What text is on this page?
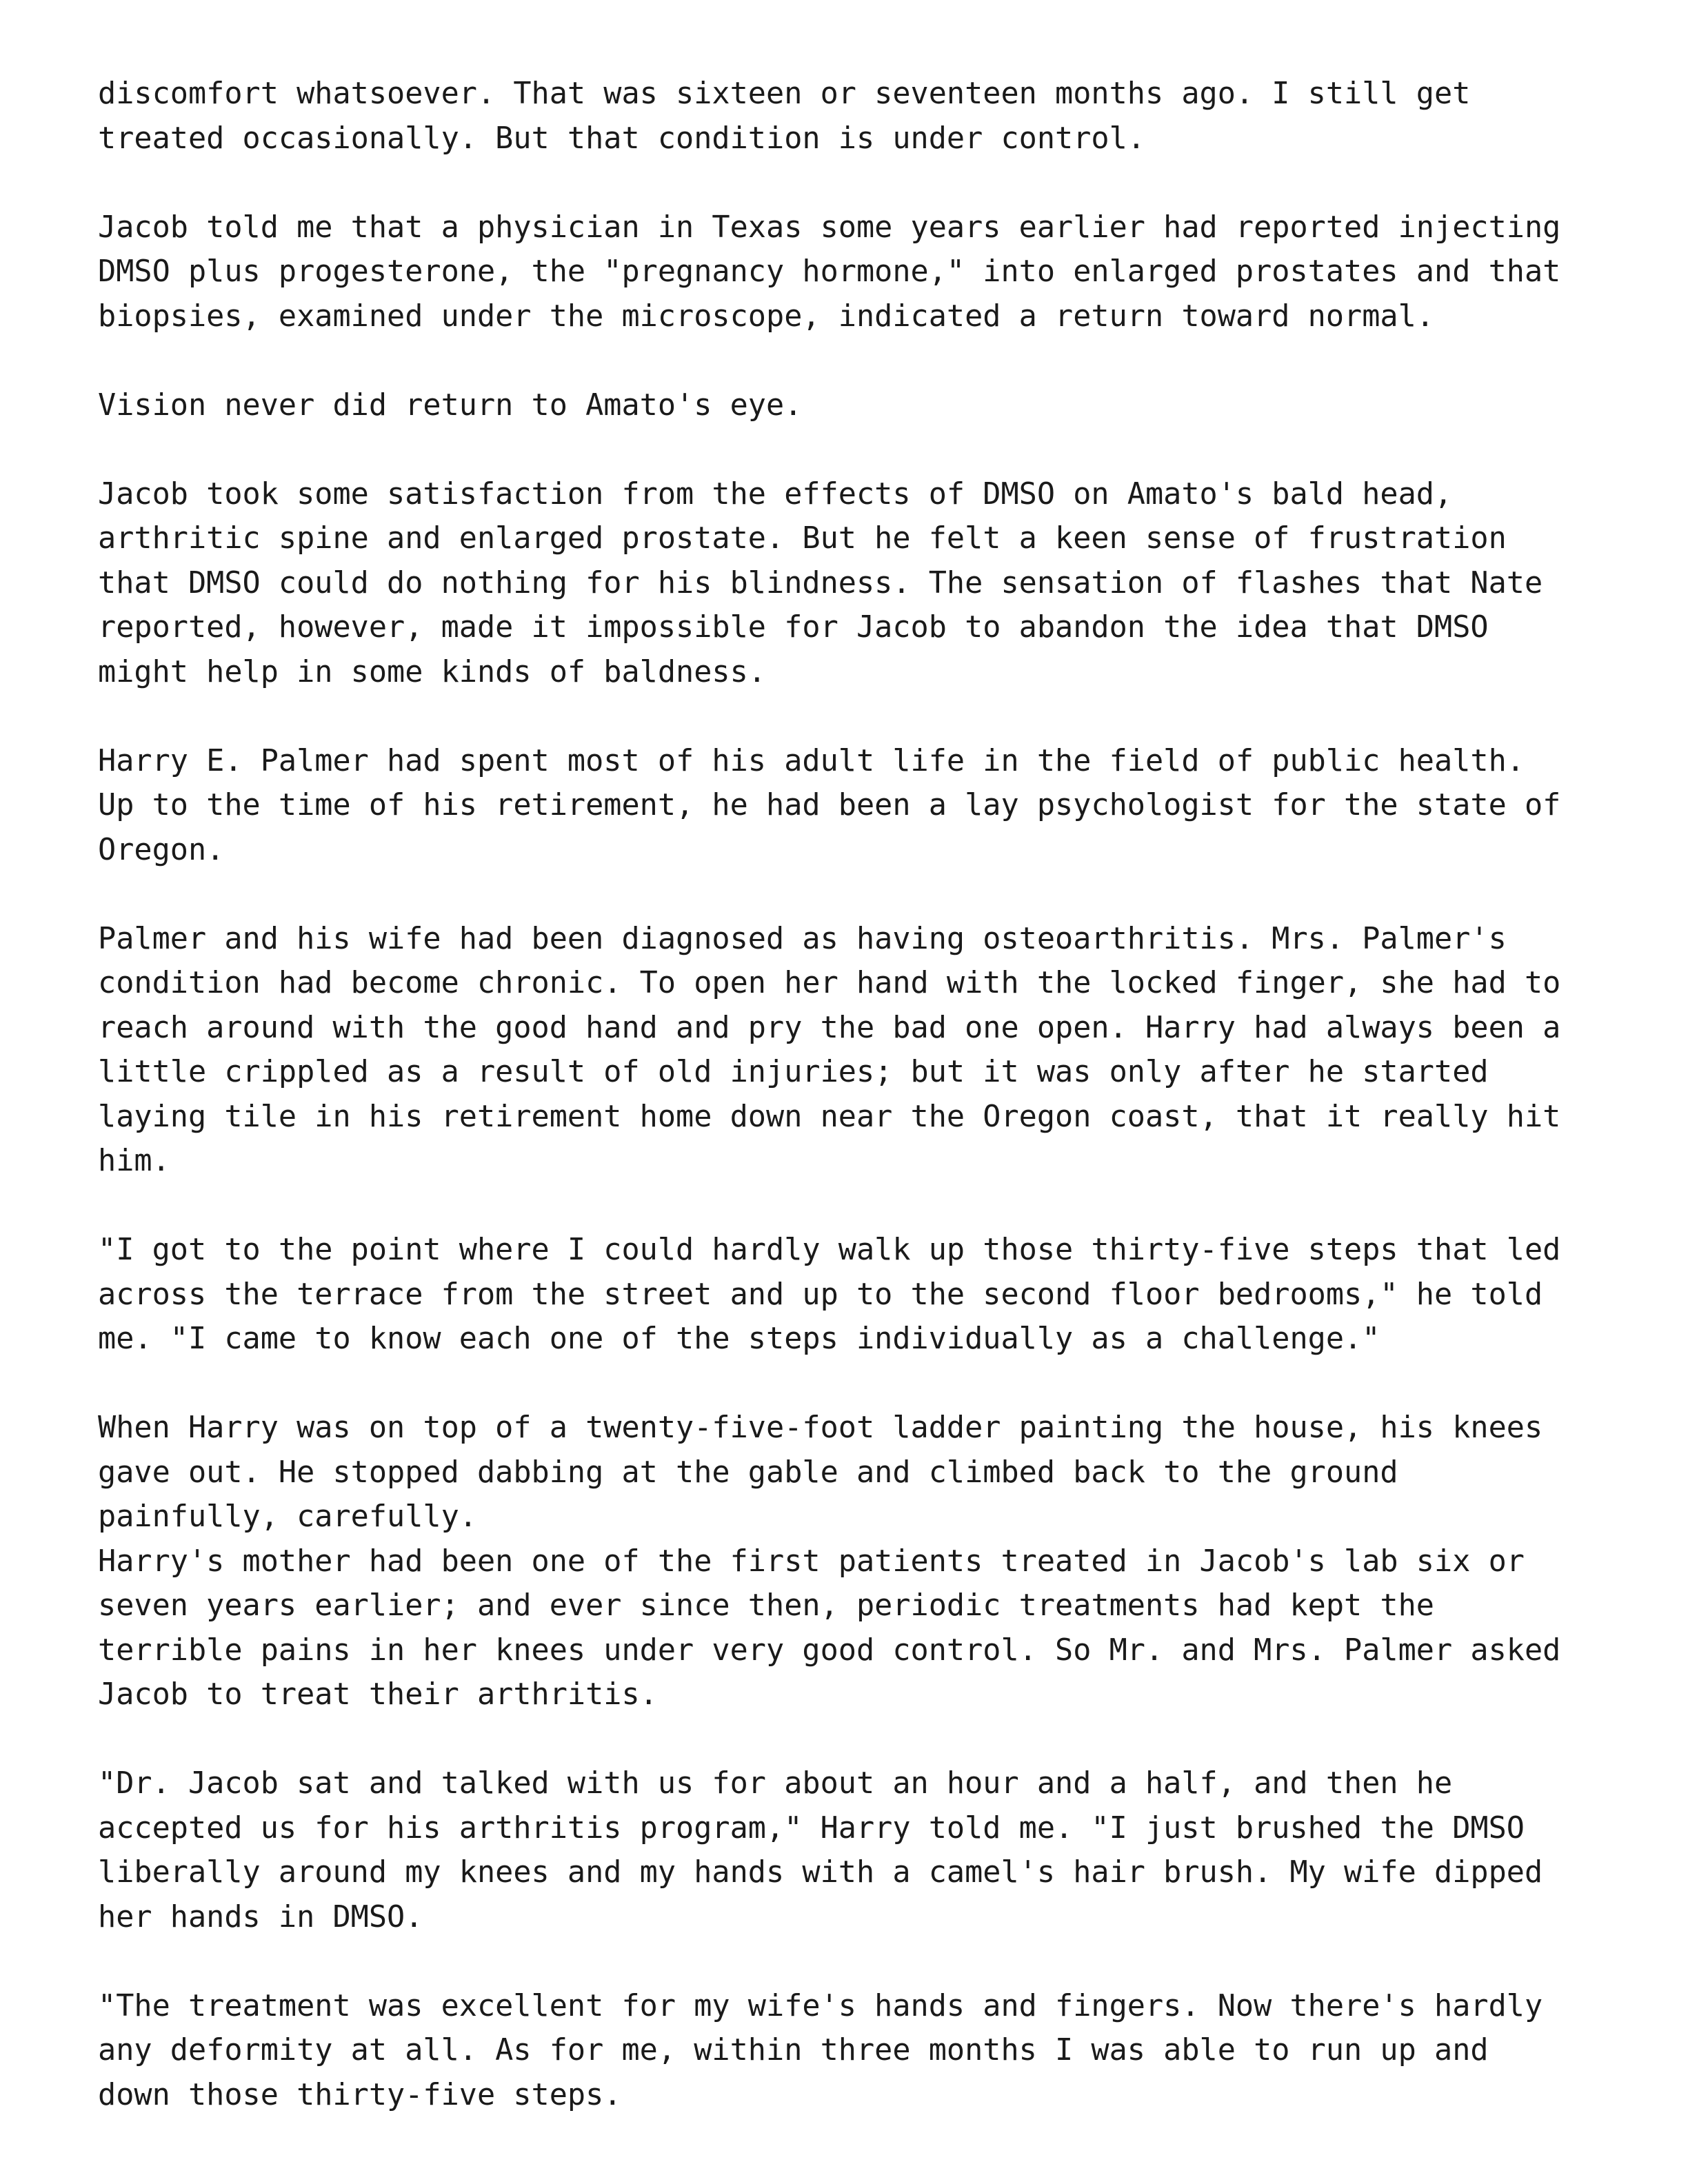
discomfort whatsoever. That was sixteen or seventeen months ago. I still get
treated occasionally. But that condition is under control.

Jacob told me that a physician in Texas some years earlier had reported injecting
DMSO plus progesterone, the "pregnancy hormone," into enlarged prostates and that
biopsies, examined under the microscope, indicated a return toward normal.

Vision never did return to Amato's eye.

Jacob took some satisfaction from the effects of DMSO on Amato's bald head,
arthritic spine and enlarged prostate. But he felt a keen sense of frustration
that DMSO could do nothing for his blindness. The sensation of flashes that Nate
reported, however, made it impossible for Jacob to abandon the idea that DMSO
might help in some kinds of baldness.

Harry E. Palmer had spent most of his adult life in the field of public health.
Up to the time of his retirement, he had been a lay psychologist for the state of
Oregon.

Palmer and his wife had been diagnosed as having osteoarthritis. Mrs. Palmer's
condition had become chronic. To open her hand with the locked finger, she had to
reach around with the good hand and pry the bad one open. Harry had always been a
little crippled as a result of old injuries; but it was only after he started
laying tile in his retirement home down near the Oregon coast, that it really hit
him.

"I got to the point where I could hardly walk up those thirty-five steps that led
across the terrace from the street and up to the second floor bedrooms," he told
me. "I came to know each one of the steps individually as a challenge."

When Harry was on top of a twenty-five-foot ladder painting the house, his knees
gave out. He stopped dabbing at the gable and climbed back to the ground
painfully, carefully.

Harry's mother had been one of the first patients treated in Jacob's lab six or
seven years earlier; and ever since then, periodic treatments had kept the
terrible pains in her knees under very good control. So Mr. and Mrs. Palmer asked
Jacob to treat their arthritis.

"Dr. Jacob sat and talked with us for about an hour and a half, and then he
accepted us for his arthritis program," Harry told me. "I just brushed the DMSO
liberally around my knees and my hands with a camel's hair brush. My wife dipped
her hands in DMSO.

"The treatment was excellent for my wife's hands and fingers. Now there's hardly
any deformity at all. As for me, within three months I was able to run up and
down those thirty-five steps.
